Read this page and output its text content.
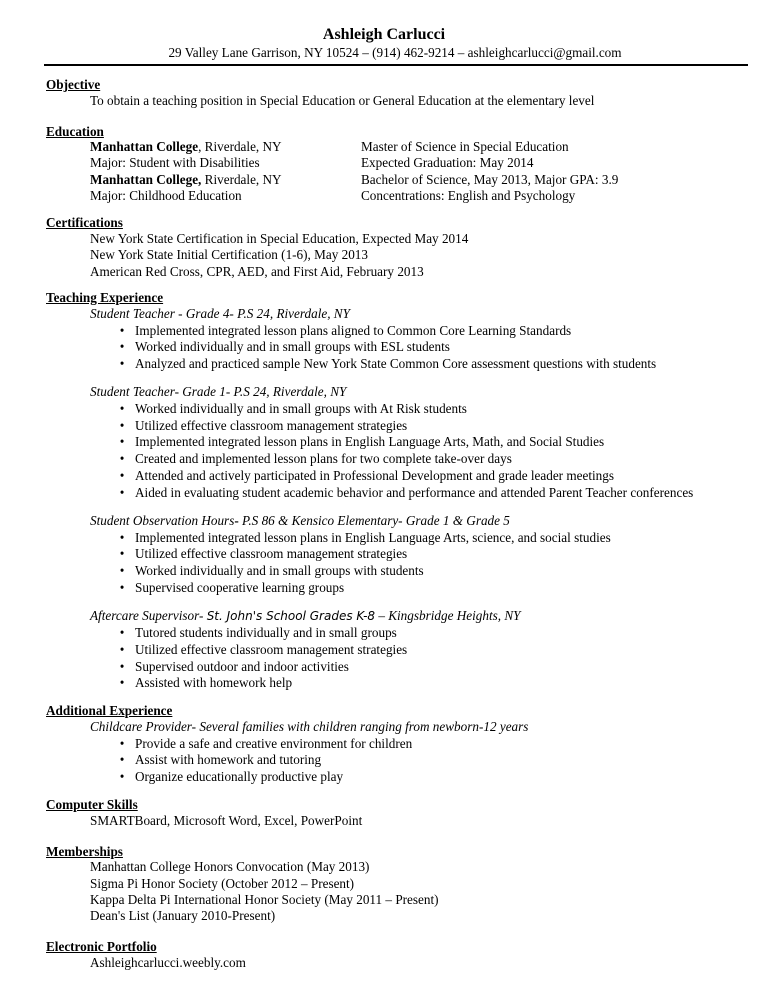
Ashleigh Carlucci
29 Valley Lane Garrison, NY 10524 – (914) 462-9214 – ashleighcarlucci@gmail.com
Objective
To obtain a teaching position in Special Education or General Education at the elementary level
Education
Manhattan College, Riverdale, NY	Master of Science in Special Education
Major: Student with Disabilities	Expected Graduation: May 2014
Manhattan College, Riverdale, NY	Bachelor of Science, May 2013, Major GPA: 3.9
Major: Childhood Education	Concentrations: English and Psychology
Certifications
New York State Certification in Special Education, Expected May 2014
New York State Initial Certification (1-6), May 2013
American Red Cross, CPR, AED, and First Aid, February 2013
Teaching Experience
Student Teacher - Grade 4- P.S 24, Riverdale, NY
• Implemented integrated lesson plans aligned to Common Core Learning Standards
• Worked individually and in small groups with ESL students
• Analyzed and practiced sample New York State Common Core assessment questions with students
Student Teacher- Grade 1- P.S 24, Riverdale, NY
• Worked individually and in small groups with At Risk students
• Utilized effective classroom management strategies
• Implemented integrated lesson plans in English Language Arts, Math, and Social Studies
• Created and implemented lesson plans for two complete take-over days
• Attended and actively participated in Professional Development and grade leader meetings
• Aided in evaluating student academic behavior and performance and attended Parent Teacher conferences
Student Observation Hours- P.S 86 & Kensico Elementary- Grade 1 & Grade 5
• Implemented integrated lesson plans in English Language Arts, science, and social studies
• Utilized effective classroom management strategies
• Worked individually and in small groups with students
• Supervised cooperative learning groups
Aftercare Supervisor- St. John's School Grades K-8 – Kingsbridge Heights, NY
• Tutored students individually and in small groups
• Utilized effective classroom management strategies
• Supervised outdoor and indoor activities
• Assisted with homework help
Additional Experience
Childcare Provider- Several families with children ranging from newborn-12 years
• Provide a safe and creative environment for children
• Assist with homework and tutoring
• Organize educationally productive play
Computer Skills
SMARTBoard, Microsoft Word, Excel, PowerPoint
Memberships
Manhattan College Honors Convocation (May 2013)
Sigma Pi Honor Society (October 2012 – Present)
Kappa Delta Pi International Honor Society (May 2011 – Present)
Dean's List (January 2010-Present)
Electronic Portfolio
Ashleighcarlucci.weebly.com
